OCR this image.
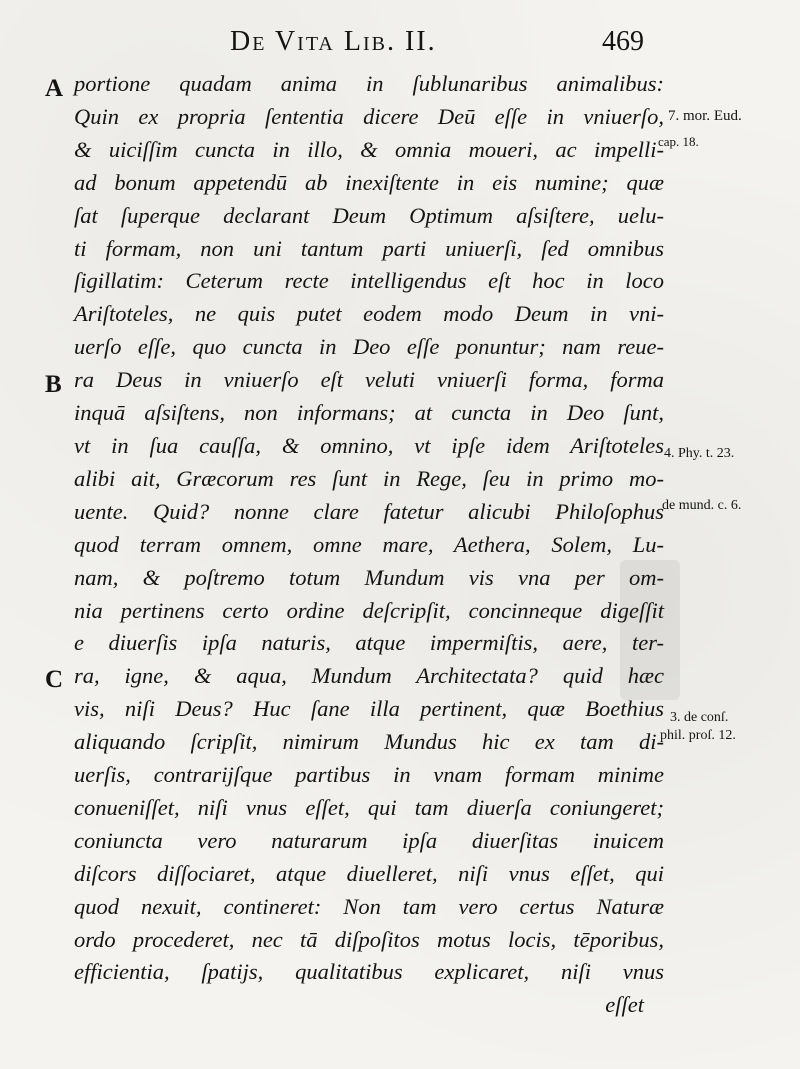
De Vita Lib. II.	469
A
B
C
portione quadam anima in ſublunaribus animalibus:
Quin ex propria ſententia dicere Deū eſſe in vniuerſo,
& uiciſſim cuncta in illo, & omnia moueri, ac impelli-
ad bonum appetendū ab inexiſtente in eis numine; quæ
ſat ſuperque declarant Deum Optimum aſsiſtere, uelu-
ti formam, non uni tantum parti uniuerſi, ſed omnibus
ſigillatim: Ceterum recte intelligendus eſt hoc in loco
Ariſtoteles, ne quis putet eodem modo Deum in vni-
uerſo eſſe, quo cuncta in Deo eſſe ponuntur; nam reue-
ra Deus in vniuerſo eſt veluti vniuerſi forma, forma
inquā aſsiſtens, non informans; at cuncta in Deo ſunt,
vt in ſua cauſſa, & omnino, vt ipſe idem Ariſtoteles
alibi ait, Græcorum res ſunt in Rege, ſeu in primo mo-
uente. Quid? nonne clare fatetur alicubi Philoſophus
quod terram omnem, omne mare, Aethera, Solem, Lu-
nam, & poſtremo totum Mundum vis vna per om-
nia pertinens certo ordine deſcripſit, concinneque digeſſit
e diuerſis ipſa naturis, atque impermiſtis, aere, ter-
ra, igne, & aqua, Mundum Architectata? quid hæc
vis, niſi Deus? Huc ſane illa pertinent, quæ Boethius
aliquando ſcripſit, nimirum Mundus hic ex tam di-
uerſis, contrarijſque partibus in vnam formam minime
conueniſſet, niſi vnus eſſet, qui tam diuerſa coniungeret;
coniuncta vero naturarum ipſa diuerſitas inuicem
diſcors diſſociaret, atque diuelleret, niſi vnus eſſet, qui
quod nexuit, contineret: Non tam vero certus Naturæ
ordo procederet, nec tā diſpoſitos motus locis, tēporibus,
efficientia, ſpatijs, qualitatibus explicaret, niſi vnus
eſſet
7. mor. Eud.
cap. 18.
4. Phy. t. 23.
de mund. c. 6.
3. de conſ.
phil. proſ. 12.
